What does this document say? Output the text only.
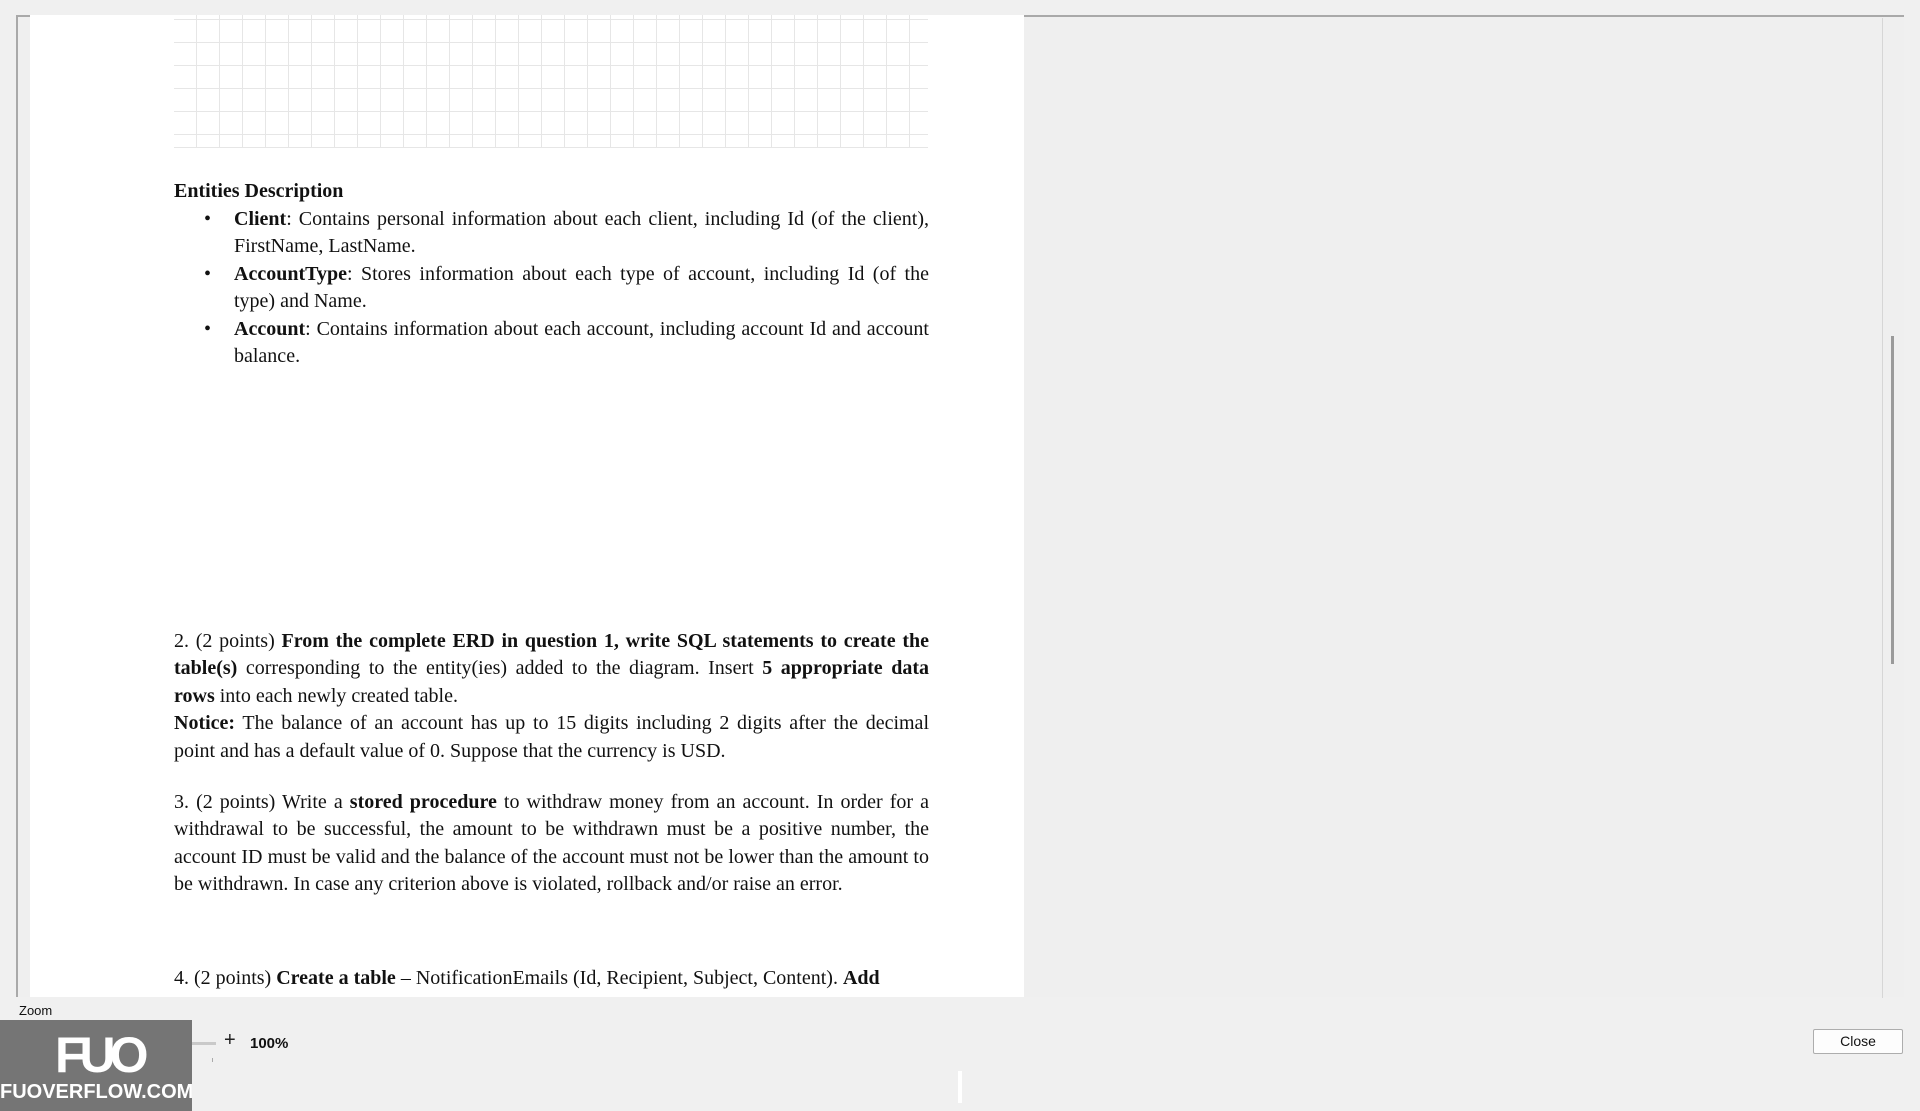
Entities Description
• Client: Contains personal information about each client, including Id (of the client), FirstName, LastName.
• AccountType: Stores information about each type of account, including Id (of the type) and Name.
• Account: Contains information about each account, including account Id and account balance.
2. (2 points) From the complete ERD in question 1, write SQL statements to create the table(s) corresponding to the entity(ies) added to the diagram. Insert 5 appropriate data rows into each newly created table.
Notice: The balance of an account has up to 15 digits including 2 digits after the decimal point and has a default value of 0. Suppose that the currency is USD.
3. (2 points) Write a stored procedure to withdraw money from an account. In order for a withdrawal to be successful, the amount to be withdrawn must be a positive number, the account ID must be valid and the balance of the account must not be lower than the amount to be withdrawn. In case any criterion above is violated, rollback and/or raise an error.
4. (2 points) Create a table – NotificationEmails (Id, Recipient, Subject, Content). Add
Zoom
+ 100%	Close
FUO
FUOVERFLOW.COM
